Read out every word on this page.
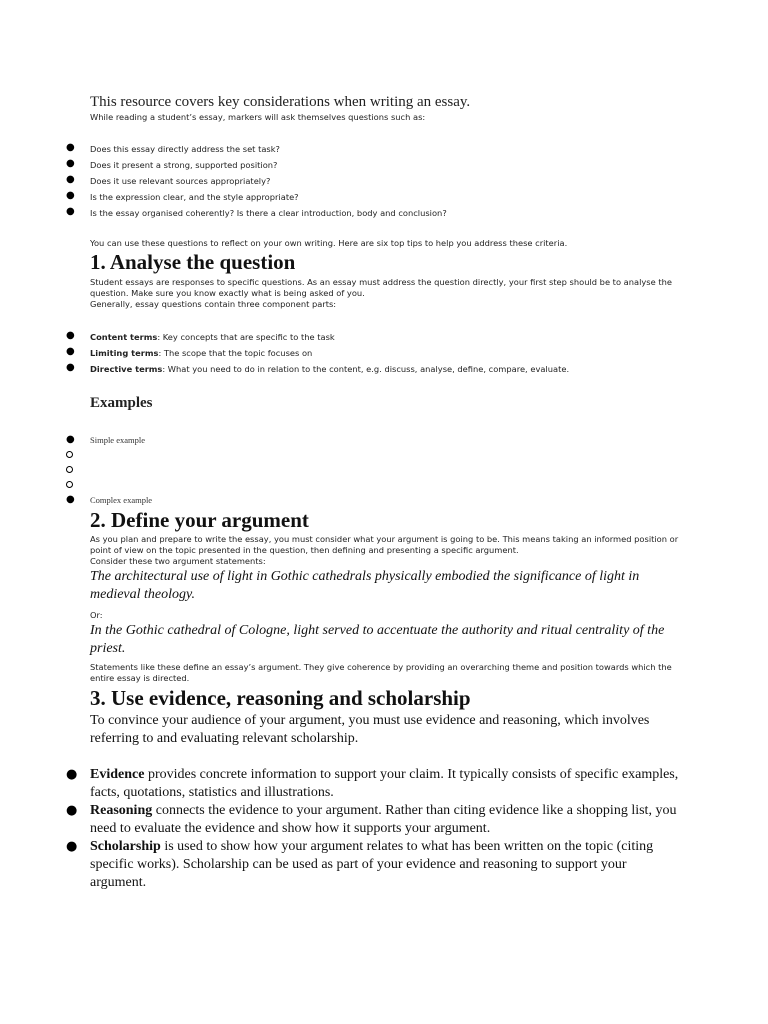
This resource covers key considerations when writing an essay.
While reading a student’s essay, markers will ask themselves questions such as:
● Does this essay directly address the set task?
● Does it present a strong, supported position?
● Does it use relevant sources appropriately?
● Is the expression clear, and the style appropriate?
● Is the essay organised coherently? Is there a clear introduction, body and conclusion?
You can use these questions to reflect on your own writing. Here are six top tips to help you address these criteria.
1. Analyse the question
Student essays are responses to specific questions. As an essay must address the question directly, your first step should be to analyse the
question. Make sure you know exactly what is being asked of you.
Generally, essay questions contain three component parts:
● Content terms: Key concepts that are specific to the task
● Limiting terms: The scope that the topic focuses on
● Directive terms: What you need to do in relation to the content, e.g. discuss, analyse, define, compare, evaluate.
Examples
● Simple example
● Complex example
2. Define your argument
As you plan and prepare to write the essay, you must consider what your argument is going to be. This means taking an informed position or
point of view on the topic presented in the question, then defining and presenting a specific argument.
Consider these two argument statements:
The architectural use of light in Gothic cathedrals physically embodied the significance of light in medieval theology.
Or:
In the Gothic cathedral of Cologne, light served to accentuate the authority and ritual centrality of the priest.
Statements like these define an essay’s argument. They give coherence by providing an overarching theme and position towards which the
entire essay is directed.
3. Use evidence, reasoning and scholarship
To convince your audience of your argument, you must use evidence and reasoning, which involves referring to and evaluating relevant scholarship.
● Evidence provides concrete information to support your claim. It typically consists of specific examples, facts, quotations, statistics and illustrations.
● Reasoning connects the evidence to your argument. Rather than citing evidence like a shopping list, you need to evaluate the evidence and show how it supports your argument.
● Scholarship is used to show how your argument relates to what has been written on the topic (citing specific works). Scholarship can be used as part of your evidence and reasoning to support your argument.
